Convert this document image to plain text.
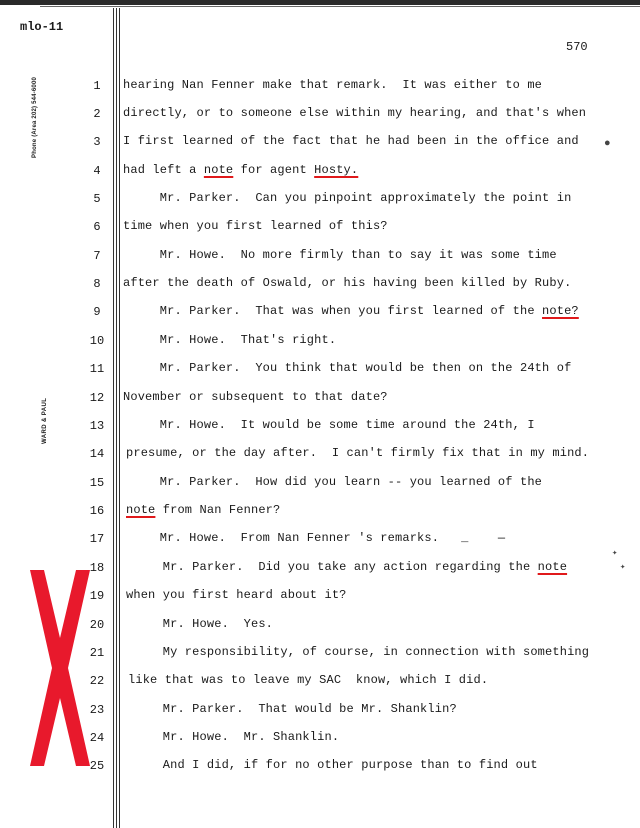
mlo-11
570
Phone (Area 202) 544-6000
WARD & PAUL
1	hearing Nan Fenner make that remark.  It was either to me
2	directly, or to someone else within my hearing, and that's when
3	I first learned of the fact that he had been in the office and
4	had left a note for agent Hosty.
5	Mr. Parker.  Can you pinpoint approximately the point in
6	time when you first learned of this?
7	Mr. Howe.  No more firmly than to say it was some time
8	after the death of Oswald, or his having been killed by Ruby.
9	Mr. Parker.  That was when you first learned of the note?
10	Mr. Howe.  That's right.
11	Mr. Parker.  You think that would be then on the 24th of
12	November or subsequent to that date?
13	Mr. Howe.  It would be some time around the 24th, I
14	presume, or the day after.  I can't firmly fix that in my mind.
15	Mr. Parker.  How did you learn -- you learned of the
16	note from Nan Fenner?
17	Mr. Howe.  From Nan Fenner 's remarks.   _    —
18	Mr. Parker.  Did you take any action regarding the note
19	when you first heard about it?
20	Mr. Howe.  Yes.
21	My responsibility, of course, in connection with something
22	like that was to leave my SAC  know, which I did.
23	Mr. Parker.  That would be Mr. Shanklin?
24	Mr. Howe.  Mr. Shanklin.
25	And I did, if for no other purpose than to find out
●
✦
✦
